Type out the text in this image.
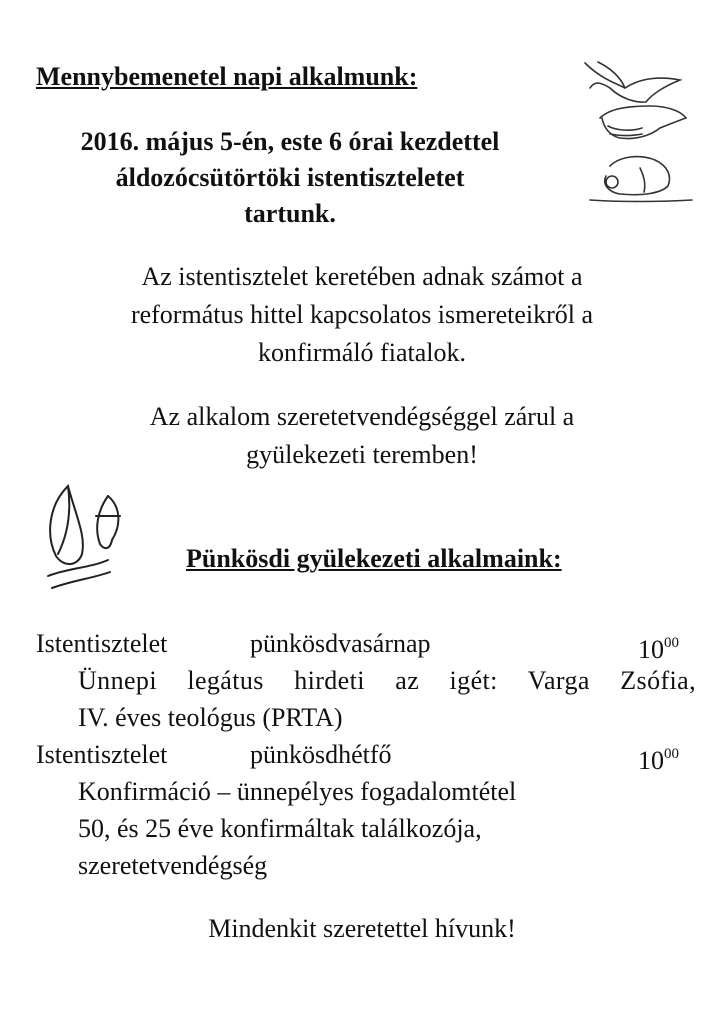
Mennybemenetel napi alkalmunk:
2016. május 5-én, este 6 órai kezdettel
áldozócsütörtöki istentiszteletet
tartunk.
Az istentisztelet keretében adnak számot a
református hittel kapcsolatos ismereteikről a
konfirmáló fiatalok.
Az alkalom szeretetvendégséggel zárul a
gyülekezeti teremben!
Pünkösdi gyülekezeti alkalmaink:
Istentisztelet	pünkösdvasárnap	$10^{00}$
Ünnepi legátus hirdeti az igét: Varga Zsófia,
IV. éves teológus (PRTA)
Istentisztelet	pünkösdhétfő	$10^{00}$
Konfirmáció – ünnepélyes fogadalomtétel
50, és 25 éve konfirmáltak találkozója,
szeretetvendégség
Mindenkit szeretettel hívunk!
